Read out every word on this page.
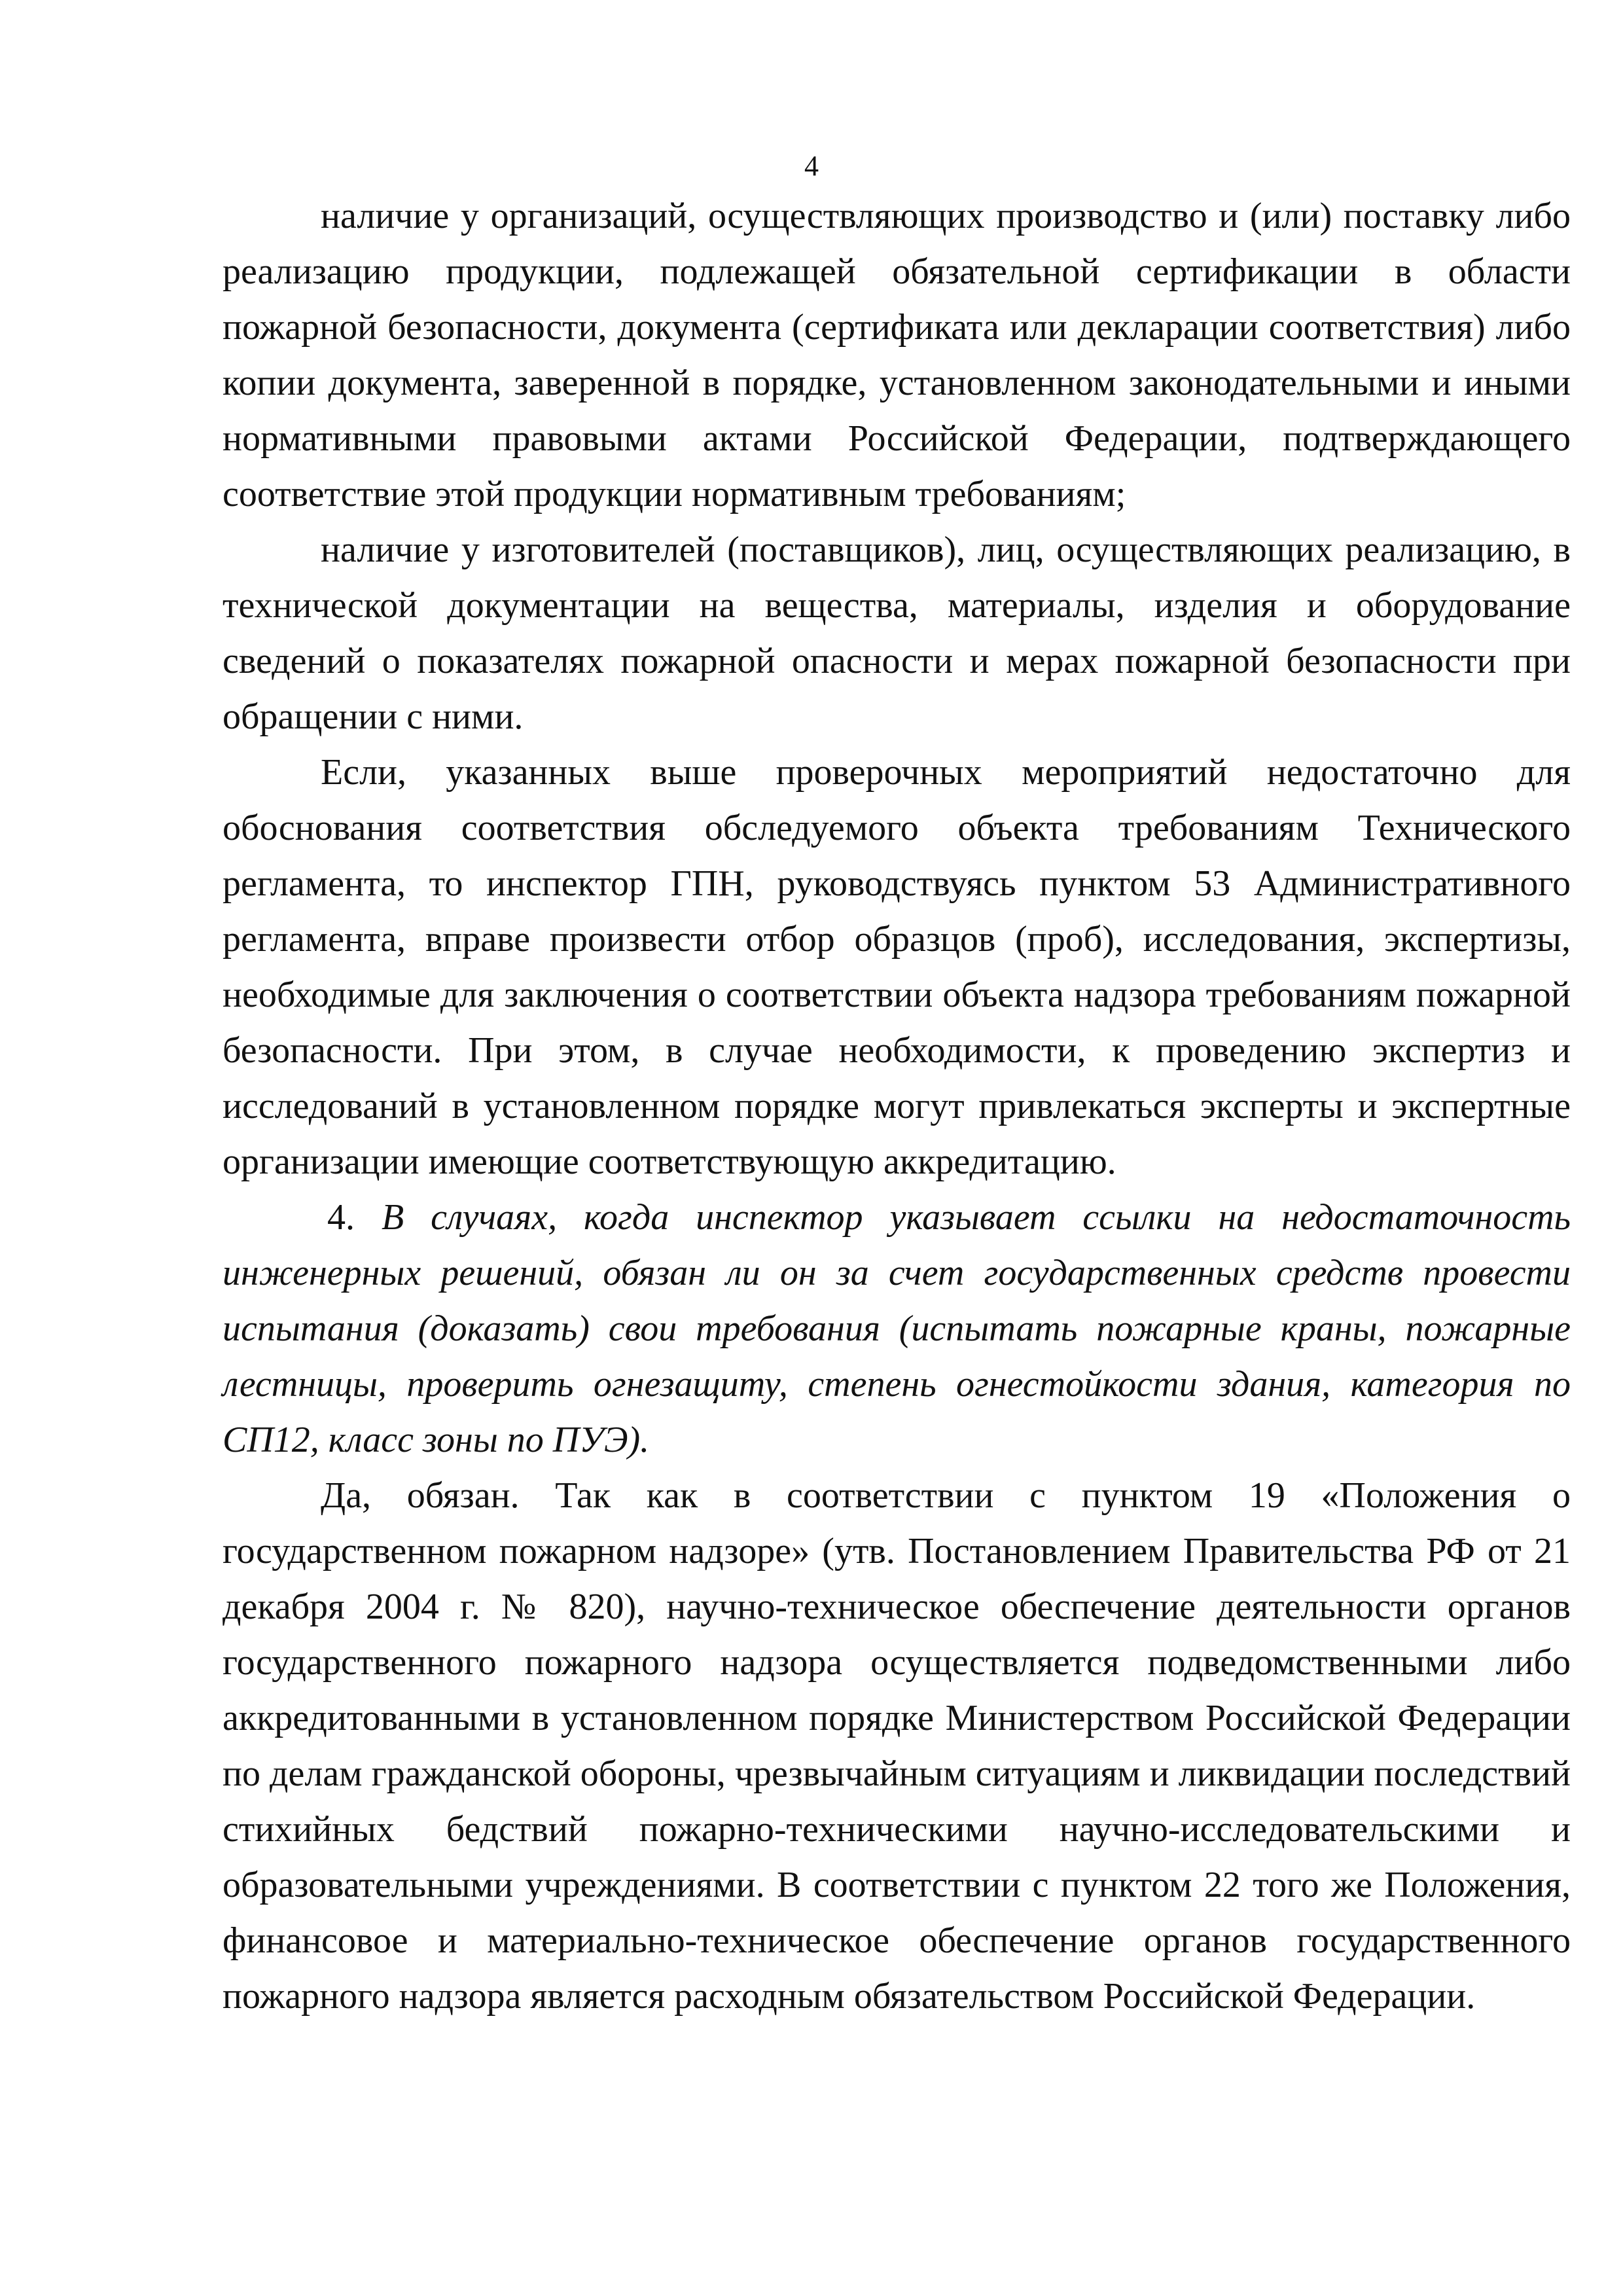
4

наличие у организаций, осуществляющих производство и (или) поставку либо реализацию продукции, подлежащей обязательной сертификации в области пожарной безопасности, документа (сертификата или декларации соответствия) либо копии документа, заверенной в порядке, установленном законодательными и иными нормативными правовыми актами Российской Федерации, подтверждающего соответствие этой продукции нормативным требованиям;

наличие у изготовителей (поставщиков), лиц, осуществляющих реализацию, в технической документации на вещества, материалы, изделия и оборудование сведений о показателях пожарной опасности и мерах пожарной безопасности при обращении с ними.

Если, указанных выше проверочных мероприятий недостаточно для обоснования соответствия обследуемого объекта требованиям Технического регламента, то инспектор ГПН, руководствуясь пунктом 53 Административного регламента, вправе произвести отбор образцов (проб), исследования, экспертизы, необходимые для заключения о соответствии объекта надзора требованиям пожарной безопасности. При этом, в случае необходимости, к проведению экспертиз и исследований в установленном порядке могут привлекаться эксперты и экспертные организации имеющие соответствующую аккредитацию.

4. В случаях, когда инспектор указывает ссылки на недостаточность инженерных решений, обязан ли он за счет государственных средств провести испытания (доказать) свои требования (испытать пожарные краны, пожарные лестницы, проверить огнезащиту, степень огнестойкости здания, категория по СП12, класс зоны по ПУЭ).

Да, обязан. Так как в соответствии с пунктом 19 «Положения о государственном пожарном надзоре» (утв. Постановлением Правительства РФ от 21 декабря 2004 г. № 820), научно-техническое обеспечение деятельности органов государственного пожарного надзора осуществляется подведомственными либо аккредитованными в установленном порядке Министерством Российской Федерации по делам гражданской обороны, чрезвычайным ситуациям и ликвидации последствий стихийных бедствий пожарно-техническими научно-исследовательскими и образовательными учреждениями. В соответствии с пунктом 22 того же Положения, финансовое и материально-техническое обеспечение органов государственного пожарного надзора является расходным обязательством Российской Федерации.
